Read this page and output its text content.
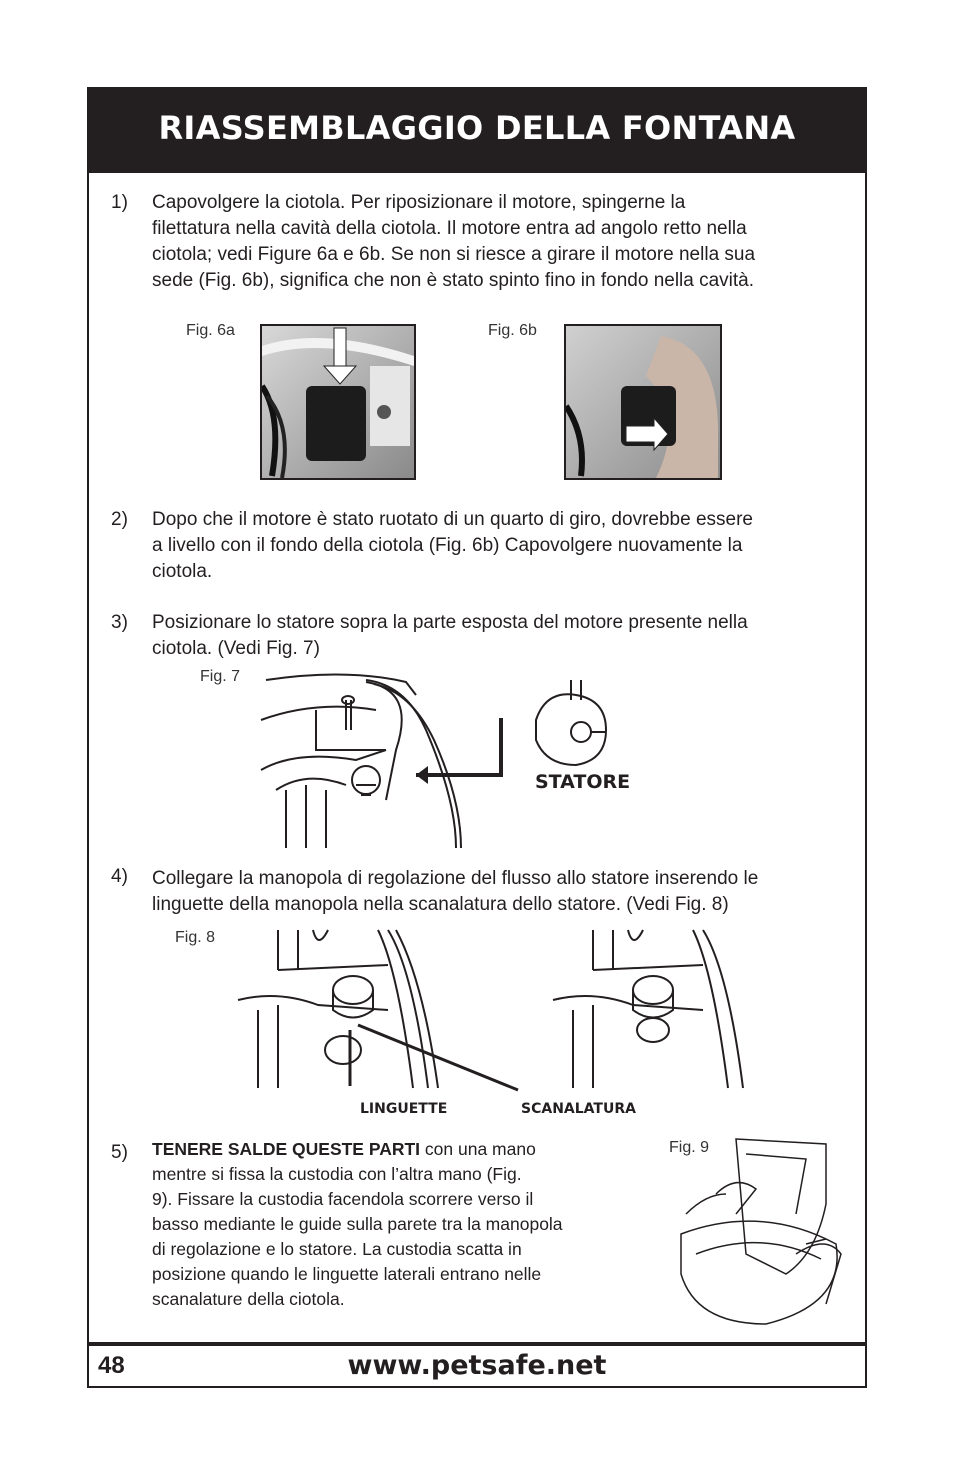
RIASSEMBLAGGIO DELLA FONTANA
1) Capovolgere la ciotola. Per riposizionare il motore, spingerne la
filettatura nella cavità della ciotola. Il motore entra ad angolo retto nella
ciotola; vedi Figure 6a e 6b. Se non si riesce a girare il motore nella sua
sede (Fig. 6b), significa che non è stato spinto fino in fondo nella cavità.

Fig. 6a	Fig. 6b
2) Dopo che il motore è stato ruotato di un quarto di giro, dovrebbe essere
a livello con il fondo della ciotola (Fig. 6b) Capovolgere nuovamente la
ciotola.

3) Posizionare lo statore sopra la parte esposta del motore presente nella
ciotola. (Vedi Fig. 7)

Fig. 7
STATORE
4) Collegare la manopola di regolazione del flusso allo statore inserendo le
linguette della manopola nella scanalatura dello statore. (Vedi Fig. 8)

Fig. 8
LINGUETTE	SCANALATURA
5) TENERE SALDE QUESTE PARTI con una mano
mentre si fissa la custodia con l’altra mano (Fig.
9). Fissare la custodia facendola scorrere verso il
basso mediante le guide sulla parete tra la manopola
di regolazione e lo statore. La custodia scatta in
posizione quando le linguette laterali entrano nelle
scanalature della ciotola.

Fig. 9
48	www.petsafe.net
